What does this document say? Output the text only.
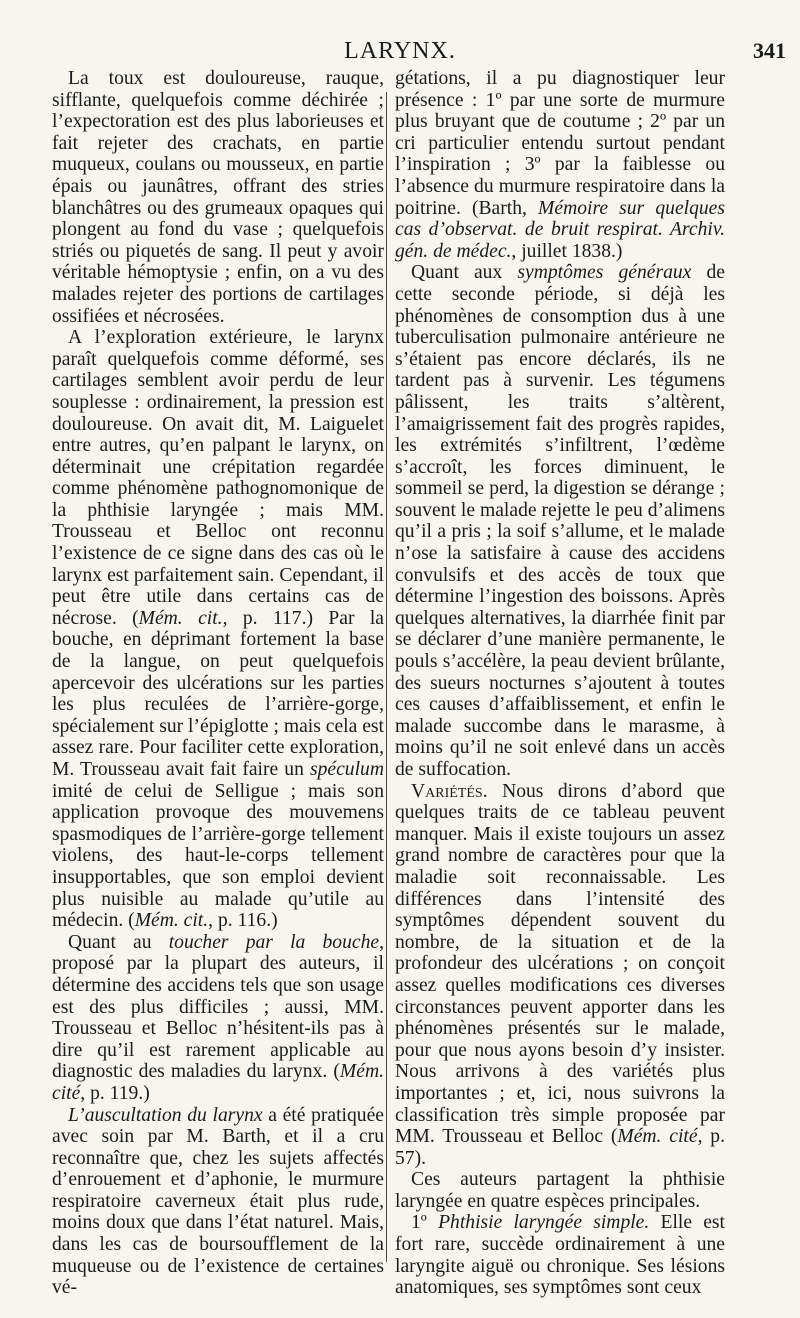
LARYNX.	341

La toux est douloureuse, rauque, sifflante, quelquefois comme déchirée ; l’expectoration est des plus laborieuses et fait rejeter des crachats, en partie muqueux, coulans ou mousseux, en partie épais ou jaunâtres, offrant des stries blanchâtres ou des grumeaux opaques qui plongent au fond du vase ; quelquefois striés ou piquetés de sang. Il peut y avoir véritable hémoptysie ; enfin, on a vu des malades rejeter des portions de cartilages ossifiées et nécrosées.

A l’exploration extérieure, le larynx paraît quelquefois comme déformé, ses cartilages semblent avoir perdu de leur souplesse : ordinairement, la pression est douloureuse. On avait dit, M. Laiguelet entre autres, qu’en palpant le larynx, on déterminait une crépitation regardée comme phénomène pathognomonique de la phthisie laryngée ; mais MM. Trousseau et Belloc ont reconnu l’existence de ce signe dans des cas où le larynx est parfaitement sain. Cependant, il peut être utile dans certains cas de nécrose. (Mém. cit., p. 117.) Par la bouche, en déprimant fortement la base de la langue, on peut quelquefois apercevoir des ulcérations sur les parties les plus reculées de l’arrière-gorge, spécialement sur l’épiglotte ; mais cela est assez rare. Pour faciliter cette exploration, M. Trousseau avait fait faire un spéculum imité de celui de Selligue ; mais son application provoque des mouvemens spasmodiques de l’arrière-gorge tellement violens, des haut-le-corps tellement insupportables, que son emploi devient plus nuisible au malade qu’utile au médecin. (Mém. cit., p. 116.)

Quant au toucher par la bouche, proposé par la plupart des auteurs, il détermine des accidens tels que son usage est des plus difficiles ; aussi, MM. Trousseau et Belloc n’hésitent-ils pas à dire qu’il est rarement applicable au diagnostic des maladies du larynx. (Mém. cité, p. 119.)

L’auscultation du larynx a été pratiquée avec soin par M. Barth, et il a cru reconnaître que, chez les sujets affectés d’enrouement et d’aphonie, le murmure respiratoire caverneux était plus rude, moins doux que dans l’état naturel. Mais, dans les cas de boursoufflement de la muqueuse ou de l’existence de certaines vé-

gétations, il a pu diagnostiquer leur présence : 1º par une sorte de murmure plus bruyant que de coutume ; 2º par un cri particulier entendu surtout pendant l’inspiration ; 3º par la faiblesse ou l’absence du murmure respiratoire dans la poitrine. (Barth, Mémoire sur quelques cas d’observat. de bruit respirat. Archiv. gén. de médec., juillet 1838.)

Quant aux symptômes généraux de cette seconde période, si déjà les phénomènes de consomption dus à une tuberculisation pulmonaire antérieure ne s’étaient pas encore déclarés, ils ne tardent pas à survenir. Les tégumens pâlissent, les traits s’altèrent, l’amaigrissement fait des progrès rapides, les extrémités s’infiltrent, l’œdème s’accroît, les forces diminuent, le sommeil se perd, la digestion se dérange ; souvent le malade rejette le peu d’alimens qu’il a pris ; la soif s’allume, et le malade n’ose la satisfaire à cause des accidens convulsifs et des accès de toux que détermine l’ingestion des boissons. Après quelques alternatives, la diarrhée finit par se déclarer d’une manière permanente, le pouls s’accélère, la peau devient brûlante, des sueurs nocturnes s’ajoutent à toutes ces causes d’affaiblissement, et enfin le malade succombe dans le marasme, à moins qu’il ne soit enlevé dans un accès de suffocation.

Variétés. Nous dirons d’abord que quelques traits de ce tableau peuvent manquer. Mais il existe toujours un assez grand nombre de caractères pour que la maladie soit reconnaissable. Les différences dans l’intensité des symptômes dépendent souvent du nombre, de la situation et de la profondeur des ulcérations ; on conçoit assez quelles modifications ces diverses circonstances peuvent apporter dans les phénomènes présentés sur le malade, pour que nous ayons besoin d’y insister. Nous arrivons à des variétés plus importantes ; et, ici, nous suivrons la classification très simple proposée par MM. Trousseau et Belloc (Mém. cité, p. 57).

Ces auteurs partagent la phthisie laryngée en quatre espèces principales.

1º Phthisie laryngée simple. Elle est fort rare, succède ordinairement à une laryngite aiguë ou chronique. Ses lésions anatomiques, ses symptômes sont ceux
